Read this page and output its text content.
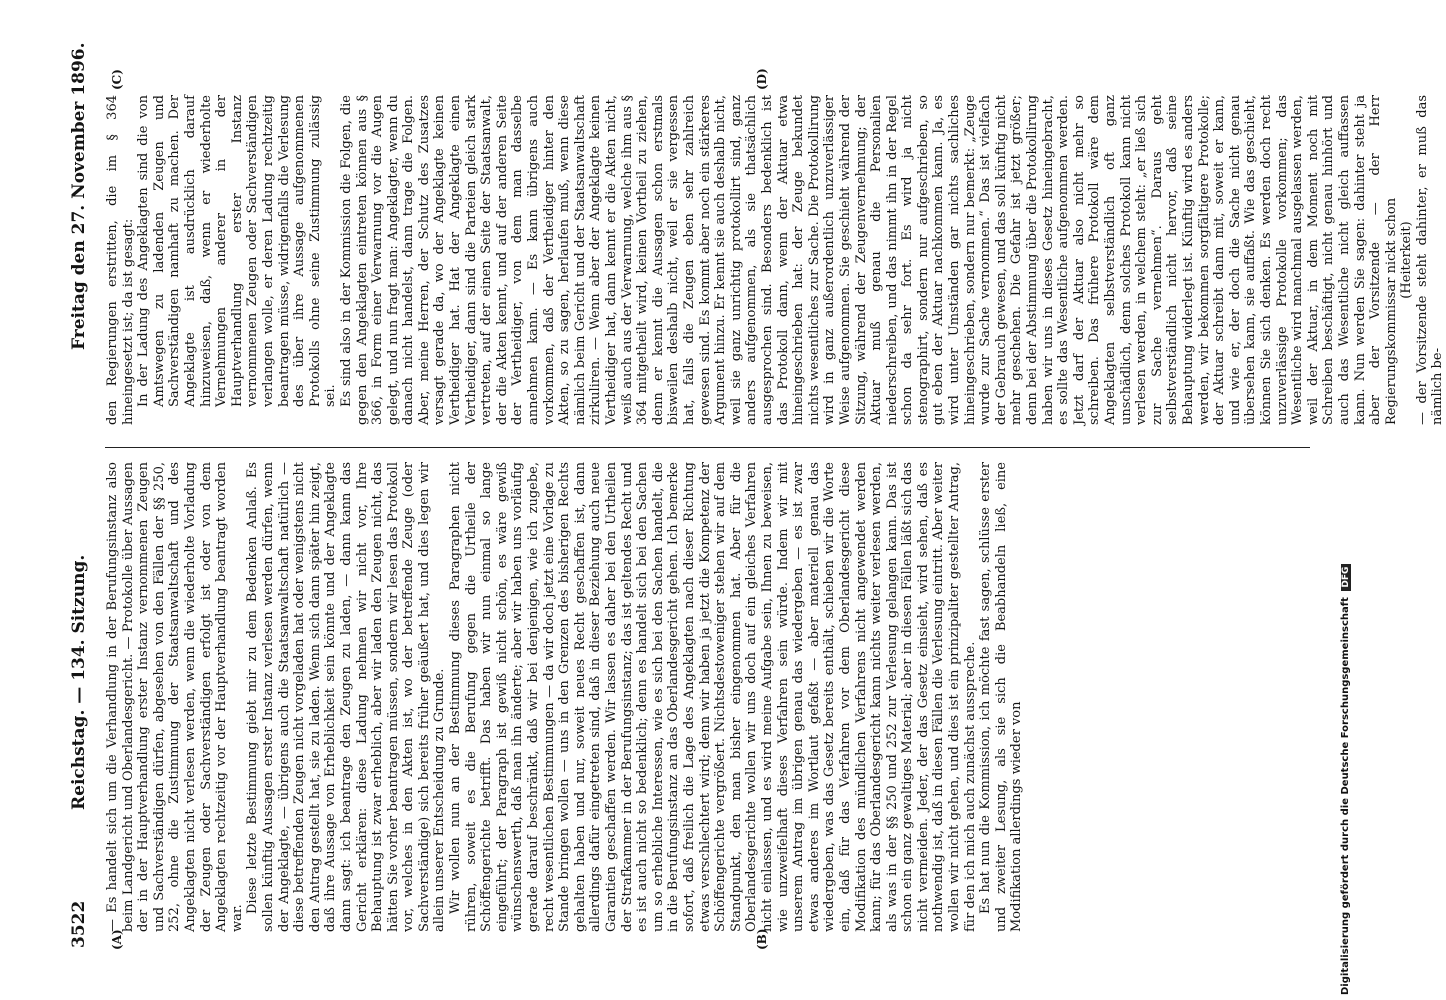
3522
Reichstag. — 134. Sitzung.
Freitag den 27. November 1896.
(A)	(B)
(C)	(D)

— Es handelt sich um die Verhandlung in der Berufungsinstanz also beim Landgericht und Oberlandesgericht. — Protokolle über Aussagen der in der Hauptverhandlung erster Instanz vernommenen Zeugen und Sachverständigen dürfen, abgesehen von den Fällen der §§ 250, 252, ohne die Zustimmung der Staatsanwaltschaft und des Angeklagten nicht verlesen werden, wenn die wiederholte Vorladung der Zeugen oder Sachverständigen erfolgt ist oder von dem Angeklagten rechtzeitig vor der Hauptverhandlung beantragt worden war.

Diese letzte Bestimmung giebt mir zu dem Bedenken Anlaß. Es sollen künftig Aussagen erster Instanz verlesen werden dürfen, wenn der Angeklagte, — übrigens auch die Staatsanwaltschaft natürlich — diese betreffenden Zeugen nicht vorgeladen hat oder wenigstens nicht den Antrag gestellt hat, sie zu laden. Wenn sich dann später hin zeigt, daß ihre Aussage von Erheblichkeit sein könnte und der Angeklagte dann sagt: ich beantrage den Zeugen zu laden, — dann kann das Gericht erklären: diese Ladung nehmen wir nicht vor, Ihre Behauptung ist zwar erheblich, aber wir laden den Zeugen nicht, das hätten Sie vorher beantragen müssen, sondern wir lesen das Protokoll vor, welches in den Akten ist, wo der betreffende Zeuge (oder Sachverständige) sich bereits früher geäußert hat, und dies legen wir allein unserer Entscheidung zu Grunde. Wir wollen nun an der Bestimmung dieses Paragraphen nicht rühren, soweit es die Berufung gegen die Urtheile der Schöffengerichte betrifft. Das haben wir nun einmal so lange eingeführt; der Paragraph ist gewiß nicht schön, es wäre gewiß wünschenswerth, daß man ihn änderte; aber wir haben uns vorläufig gerade darauf beschränkt, daß wir bei denjenigen, wie ich zugebe, recht wesentlichen Bestimmungen — da wir doch jetzt eine Vorlage zu Stande bringen wollen — uns in den Grenzen des bisherigen Rechts gehalten haben und nur, soweit neues Recht geschaffen ist, dann allerdings dafür eingetreten sind, daß in dieser Beziehung auch neue Garantien geschaffen werden. Wir lassen es daher bei den Urtheilen der Strafkammer in der Berufungsinstanz; das ist geltendes Recht und es ist auch nicht so bedenklich; denn es handelt sich bei den Sachen um so erhebliche Interessen, wie es sich bei den Sachen handelt, die in die Berufungsinstanz an das Oberlandesgericht gehen. Ich bemerke sofort, daß freilich die Lage des Angeklagten nach dieser Richtung etwas verschlechtert wird; denn wir haben ja jetzt die Kompetenz der Schöffengerichte vergrößert. Nichtsdestoweniger stehen wir auf dem Standpunkt, den man bisher eingenommen hat. Aber für die Oberlandesgerichte wollen wir uns doch auf ein gleiches Verfahren nicht einlassen, und es wird meine Aufgabe sein, Ihnen zu beweisen, wie unzweifelhaft dieses Verfahren sein würde. Indem wir mit unserem Antrag im übrigen genau das wiedergeben — es ist zwar etwas anderes im Wortlaut gefaßt — aber materiell genau das wiedergeben, was das Gesetz bereits enthält, schieben wir die Worte ein, daß für das Verfahren vor dem Oberlandesgericht diese Modifikation des mündlichen Verfahrens nicht angewendet werden kann; für das Oberlandesgericht kann nichts weiter verlesen werden, als was in der §§ 250 und 252 zur Verlesung gelangen kann. Das ist schon ein ganz gewaltiges Material; aber in diesen Fällen läßt sich das nicht vermeiden. Jeder, der das Gesetz einsieht, wird sehen, daß es nothwendig ist, daß in diesen Fällen die Verlesung eintritt. Aber weiter wollen wir nicht gehen, und dies ist ein prinzipaliter gestellter Antrag, für den ich mich auch zunächst ausspreche. Es hat nun die Kommission, ich möchte fast sagen, schlüsse erster und zweiter Lesung, als sie sich die Beabhandeln ließ, eine Modifikation allerdings wieder von

den Regierungen erstritten, die im § 364 hineingesetzt ist; da ist gesagt: In der Ladung des Angeklagten sind die von Amtswegen zu ladenden Zeugen und Sachverständigen namhaft zu machen. Der Angeklagte ist ausdrücklich darauf hinzuweisen, daß, wenn er wiederholte Vernehmungen anderer in der Hauptverhandlung erster Instanz vernommenen Zeugen oder Sachverständigen verlangen wolle, er deren Ladung rechtzeitig beantragen müsse, widrigenfalls die Verlesung des über ihre Aussage aufgenommenen Protokolls ohne seine Zustimmung zulässig sei. Es sind also in der Kommission die Folgen, die gegen den Angeklagten eintreten können aus § 366, in Form einer Verwarnung vor die Augen gelegt, und nun fragt man: Angeklagter, wenn du danach nicht handelst, dann trage die Folgen. Aber, meine Herren, der Schutz des Zusatzes versagt gerade da, wo der Angeklagte keinen Vertheidiger hat. Hat der Angeklagte einen Vertheidiger, dann sind die Parteien gleich stark vertreten, auf der einen Seite der Staatsanwalt, der die Akten kennt, und auf der anderen Seite der Vertheidiger, von dem man dasselbe annehmen kann. — Es kann übrigens auch vorkommen, daß der Vertheidiger hinter den Akten, so zu sagen, herlaufen muß, wenn diese nämlich beim Gericht und der Staatsanwaltschaft zirkuliren. — Wenn aber der Angeklagte keinen Vertheidiger hat, dann kennt er die Akten nicht, weiß auch aus der Verwarnung, welche ihm aus § 364 mitgetheilt wird, keinen Vortheil zu ziehen, denn er kennt die Aussagen schon erstmals bisweilen deshalb nicht, weil er sie vergessen hat, falls die Zeugen eben sehr zahlreich gewesen sind. Es kommt aber noch ein stärkeres Argument hinzu. Er kennt sie auch deshalb nicht, weil sie ganz unrichtig protokollirt sind, ganz anders aufgenommen, als sie thatsächlich ausgesprochen sind. Besonders bedenklich ist das Protokoll dann, wenn der Aktuar etwa hineingeschrieben hat: der Zeuge bekundet nichts wesentliches zur Sache. Die Protokollirung wird in ganz außerordentlich unzuverlässiger Weise aufgenommen. Sie geschieht während der Sitzung, während der Zeugenvernehmung; der Aktuar muß genau die Personalien niederschreiben, und das nimmt ihn in der Regel schon da sehr fort. Es wird ja nicht stenographirt, sondern nur aufgeschrieben, so gut eben der Aktuar nachkommen kann. Ja, es wird unter Umständen gar nichts sachliches hineingeschrieben, sondern nur bemerkt: „Zeuge wurde zur Sache vernommen.“ Das ist vielfach der Gebrauch gewesen, und das soll künftig nicht mehr geschehen. Die Gefahr ist jetzt größer; denn bei der Abstimmung über die Protokollirung haben wir uns in dieses Gesetz hineingebracht, es sollte das Wesentliche aufgenommen werden. Jetzt darf der Aktuar also nicht mehr so schreiben. Das frühere Protokoll wäre dem Angeklagten selbstverständlich oft ganz unschädlich, denn solches Protokoll kann nicht verlesen werden, in welchem steht: „er ließ sich zur Sache vernehmen“. Daraus geht selbstverständlich nicht hervor, daß seine Behauptung widerlegt ist. Künftig wird es anders werden, wir bekommen sorgfältigere Protokolle; der Aktuar schreibt dann mit, soweit er kann, und wie er, der doch die Sache nicht genau übersehen kann, sie auffaßt. Wie das geschieht, können Sie sich denken. Es werden doch recht unzuverlässige Protokolle vorkommen; das Wesentliche wird manchmal ausgelassen werden, weil der Aktuar, in dem Moment noch mit Schreiben beschäftigt, nicht genau hinhört und auch das Wesentliche nicht gleich auffassen kann. Nun werden Sie sagen: dahinter steht ja aber der Vorsitzende — der Herr Regierungskommissar nickt schon (Heiterkeit) — der Vorsitzende steht dahinter, er muß das nämlich be-

Digitalisierung gefördert durch die Deutsche Forschungsgemeinschaft DFG
